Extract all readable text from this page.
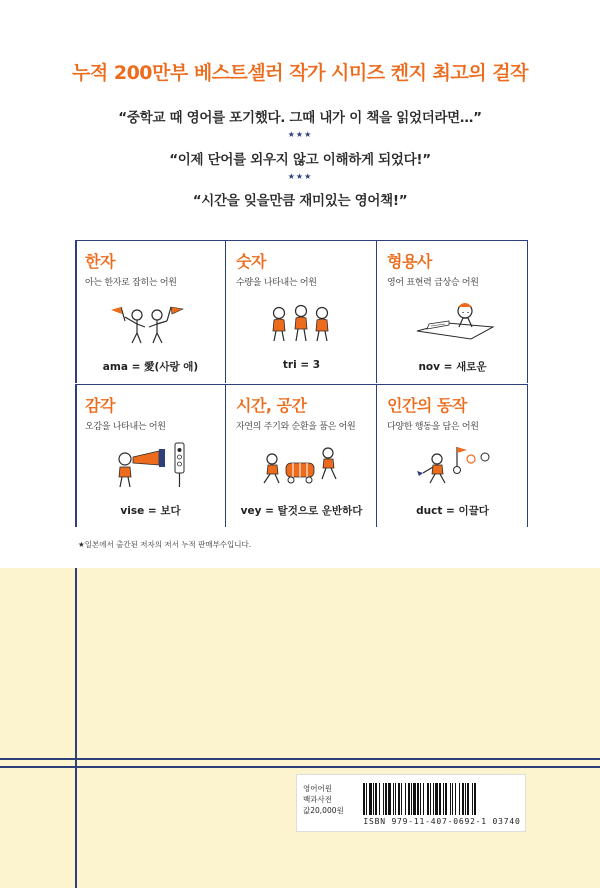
누적 200만부 베스트셀러 작가 시미즈 켄지 최고의 걸작
“중학교 때 영어를 포기했다. 그때 내가 이 책을 읽었더라면…”
★★★
“이제 단어를 외우지 않고 이해하게 되었다!”
★★★
“시간을 잊을만큼 재미있는 영어책!”
한자
아는 한자로 잡히는 어원
ama = 愛(사랑 애)
숫자
수량을 나타내는 어원
tri = 3
형용사
영어 표현력 급상승 어원
nov = 새로운
감각
오감을 나타내는 어원
vise = 보다
시간, 공간
자연의 주기와 순환을 품은 어원
vey = 탈것으로 운반하다
인간의 동작
다양한 행동을 담은 어원
duct = 이끌다
★일본에서 출간된 저자의 저서 누적 판매부수입니다.
영어어원
백과사전
값20,000원
ISBN 979-11-407-0692-1 03740
